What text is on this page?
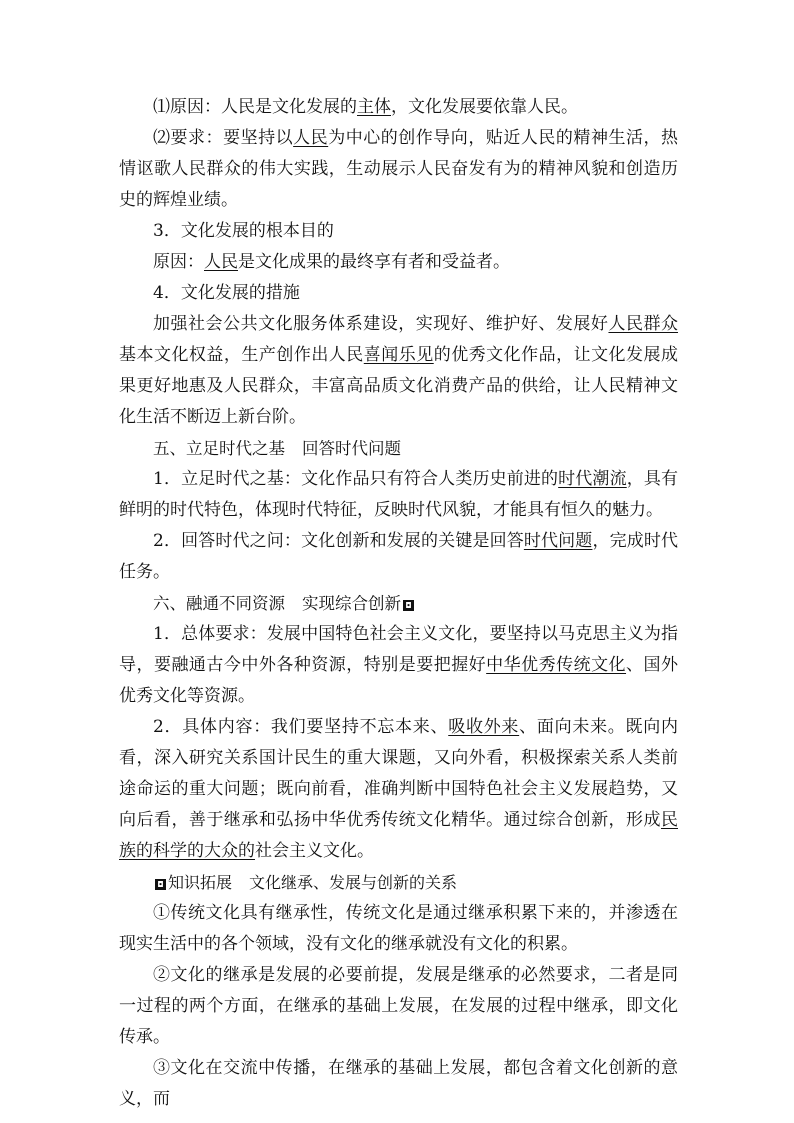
⑴原因：人民是文化发展的主体，文化发展要依靠人民。

⑵要求：要坚持以人民为中心的创作导向，贴近人民的精神生活，热情讴歌人民群众的伟大实践，生动展示人民奋发有为的精神风貌和创造历史的辉煌业绩。

3．文化发展的根本目的

原因：人民是文化成果的最终享有者和受益者。

4．文化发展的措施

加强社会公共文化服务体系建设，实现好、维护好、发展好人民群众基本文化权益，生产创作出人民喜闻乐见的优秀文化作品，让文化发展成果更好地惠及人民群众，丰富高品质文化消费产品的供给，让人民精神文化生活不断迈上新台阶。

五、立足时代之基 回答时代问题

1．立足时代之基：文化作品只有符合人类历史前进的时代潮流，具有鲜明的时代特色，体现时代特征，反映时代风貌，才能具有恒久的魅力。

2．回答时代之问：文化创新和发展的关键是回答时代问题，完成时代任务。

六、融通不同资源 实现综合创新 ◘

1．总体要求：发展中国特色社会主义文化，要坚持以马克思主义为指导，要融通古今中外各种资源，特别是要把握好中华优秀传统文化、国外优秀文化等资源。

2．具体内容：我们要坚持不忘本来、吸收外来、面向未来。既向内看，深入研究关系国计民生的重大课题，又向外看，积极探索关系人类前途命运的重大问题；既向前看，准确判断中国特色社会主义发展趋势，又向后看，善于继承和弘扬中华优秀传统文化精华。通过综合创新，形成民族的科学的大众的社会主义文化。

◘ 知识拓展 文化继承、发展与创新的关系

①传统文化具有继承性，传统文化是通过继承积累下来的，并渗透在现实生活中的各个领域，没有文化的继承就没有文化的积累。

②文化的继承是发展的必要前提，发展是继承的必然要求，二者是同一过程的两个方面，在继承的基础上发展，在发展的过程中继承，即文化传承。

③文化在交流中传播，在继承的基础上发展，都包含着文化创新的意义，而
